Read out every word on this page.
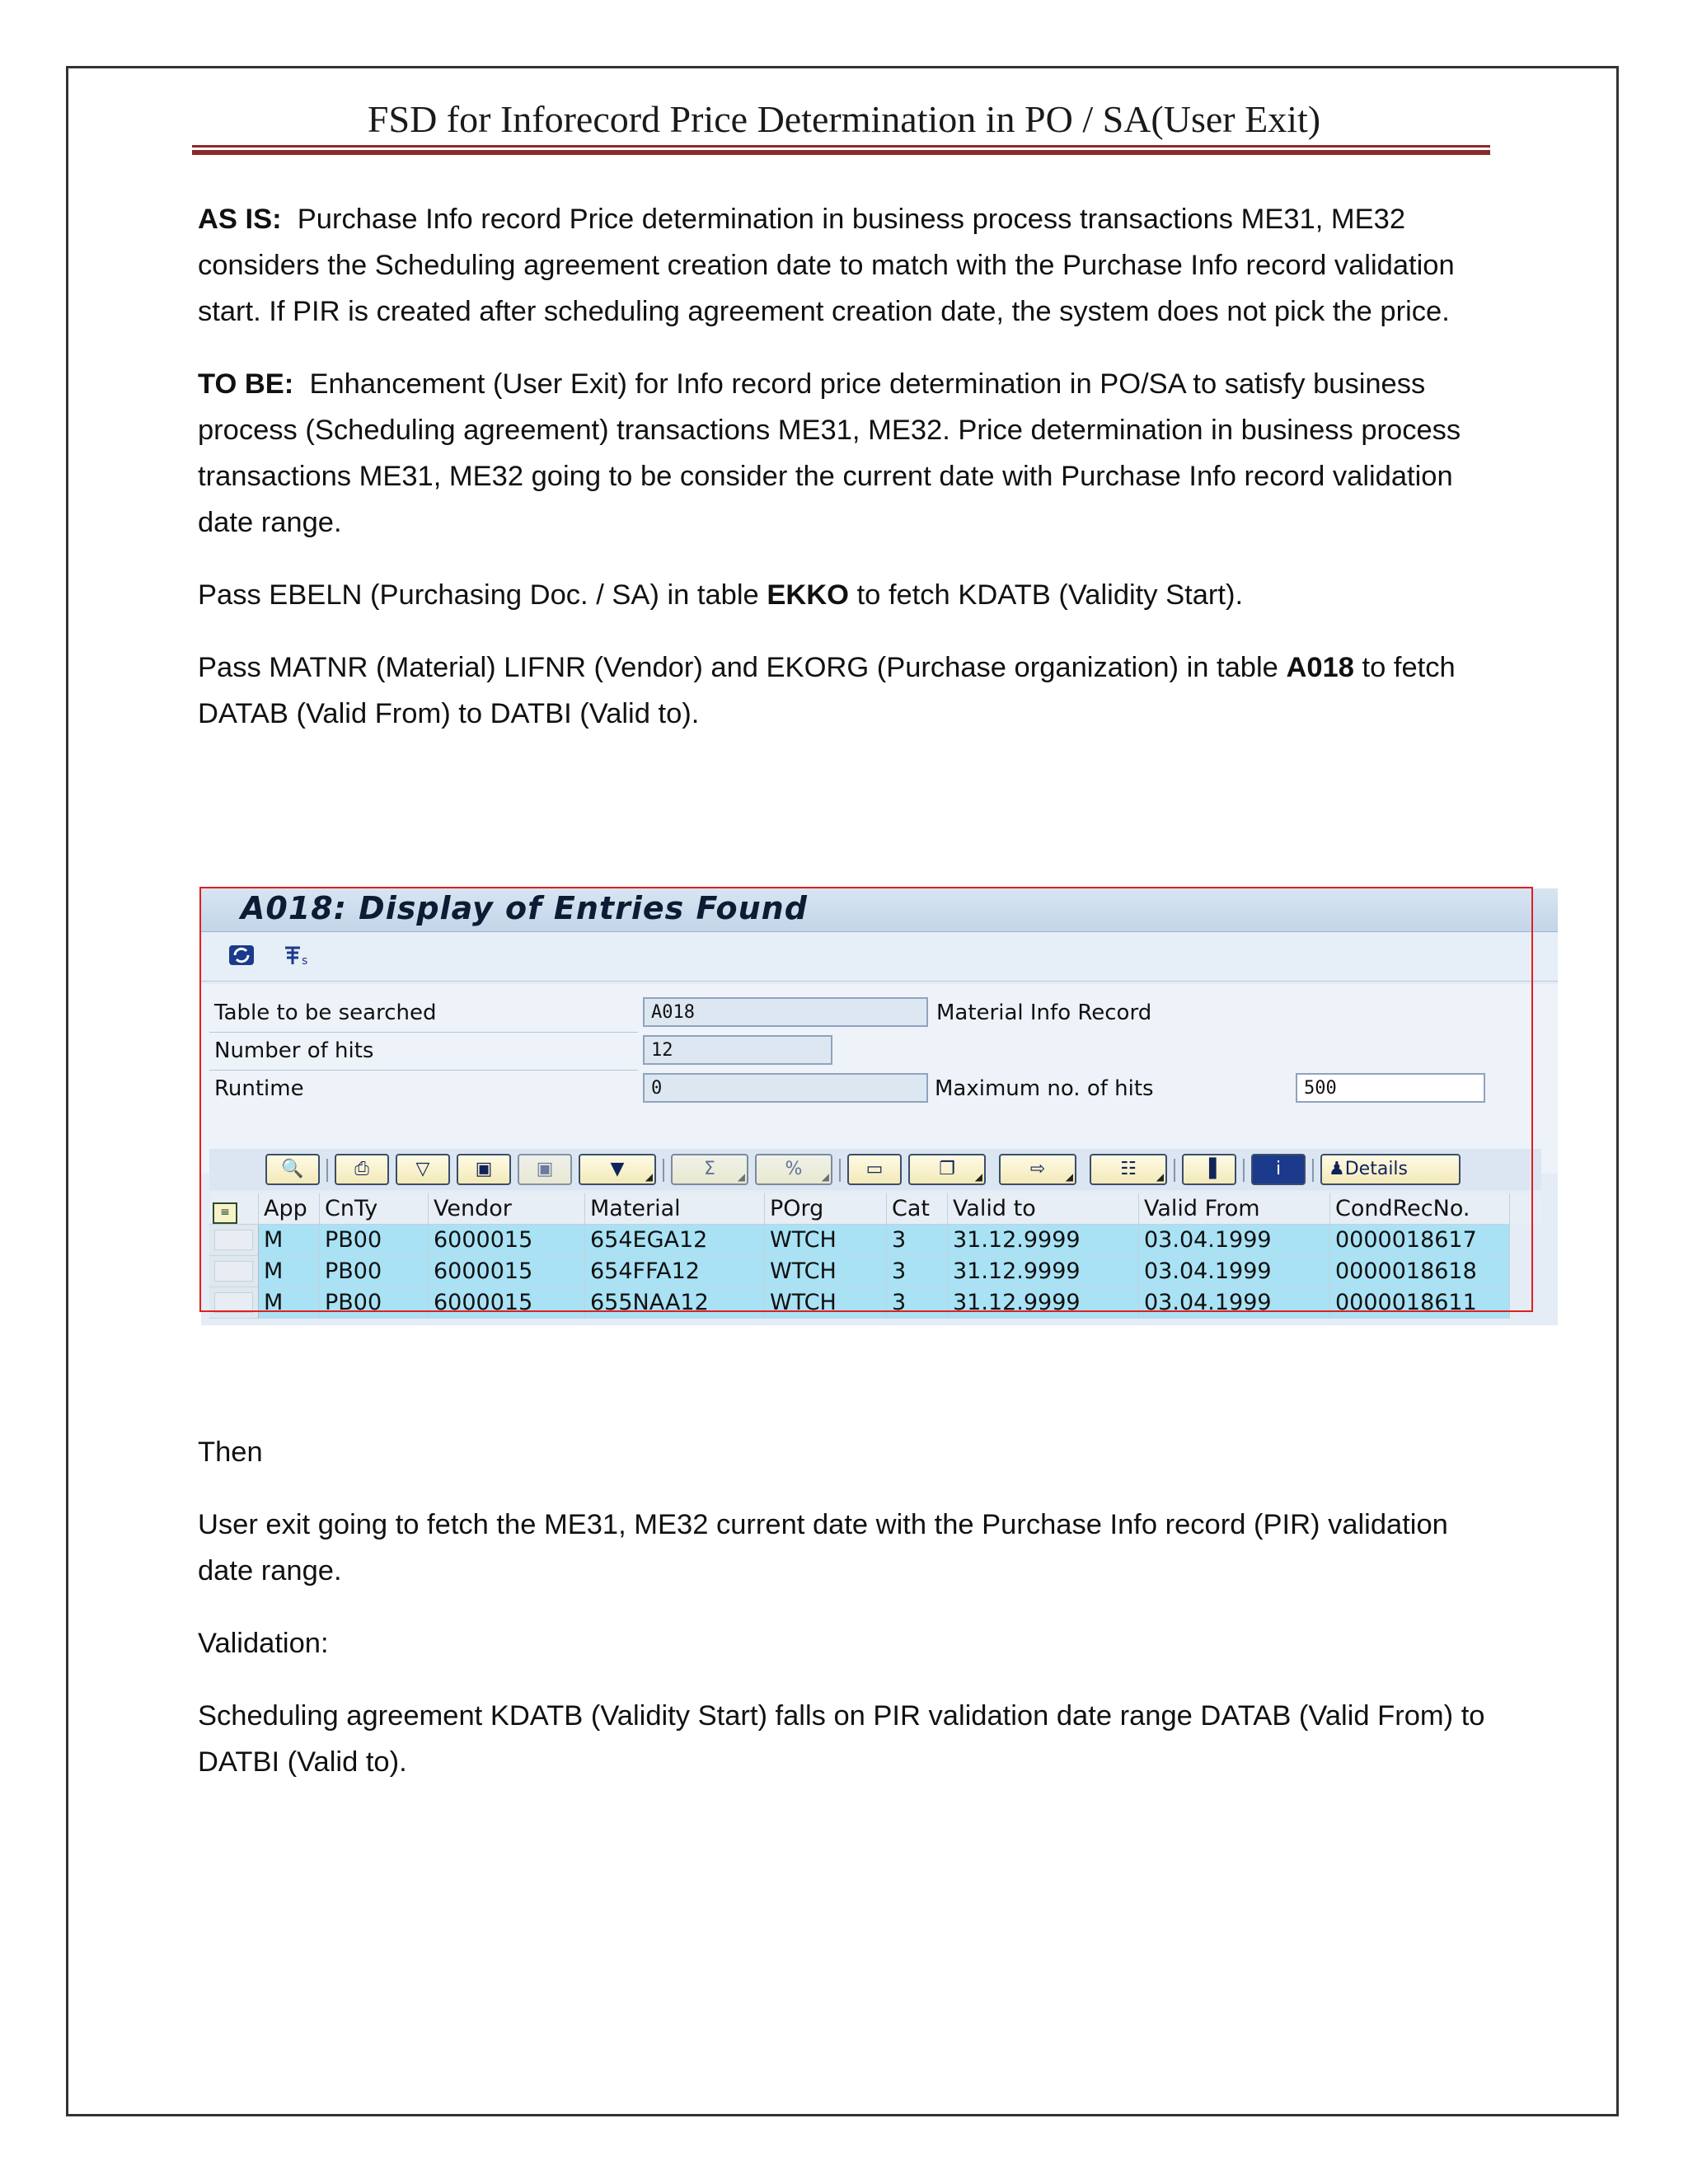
FSD for Inforecord Price Determination in PO / SA(User Exit)

AS IS: Purchase Info record Price determination in business process transactions ME31, ME32 considers the Scheduling agreement creation date to match with the Purchase Info record validation start. If PIR is created after scheduling agreement creation date, the system does not pick the price.

TO BE: Enhancement (User Exit) for Info record price determination in PO/SA to satisfy business process (Scheduling agreement) transactions ME31, ME32. Price determination in business process transactions ME31, ME32 going to be consider the current date with Purchase Info record validation date range.

Pass EBELN (Purchasing Doc. / SA) in table EKKO to fetch KDATB (Validity Start).

Pass MATNR (Material) LIFNR (Vendor) and EKORG (Purchase organization) in table A018 to fetch DATAB (Valid From) to DATBI (Valid to).

A018: Display of Entries Found
s
Table to be searched	A018	Material Info Record
Number of hits	12
Runtime	0	Maximum no. of hits	500
🔍	⎙	▽	▣	▣	▼ ◢	Σ ◢	% ◢	▭	❐ ◢	⇨ ◢	☷ ◢	▐	i	♟Details
≡	App CnTy	Vendor	Material	POrg	Cat	Valid to	Valid From	CondRecNo.
M	PB00	6000015	654EGA12	WTCH	3	31.12.9999	03.04.1999	0000018617
M	PB00	6000015	654FFA12	WTCH	3	31.12.9999	03.04.1999	0000018618
M	PB00	6000015	655NAA12	WTCH	3	31.12.9999	03.04.1999	0000018611

Then

User exit going to fetch the ME31, ME32 current date with the Purchase Info record (PIR) validation date range.

Validation:

Scheduling agreement KDATB (Validity Start) falls on PIR validation date range DATAB (Valid From) to DATBI (Valid to).
